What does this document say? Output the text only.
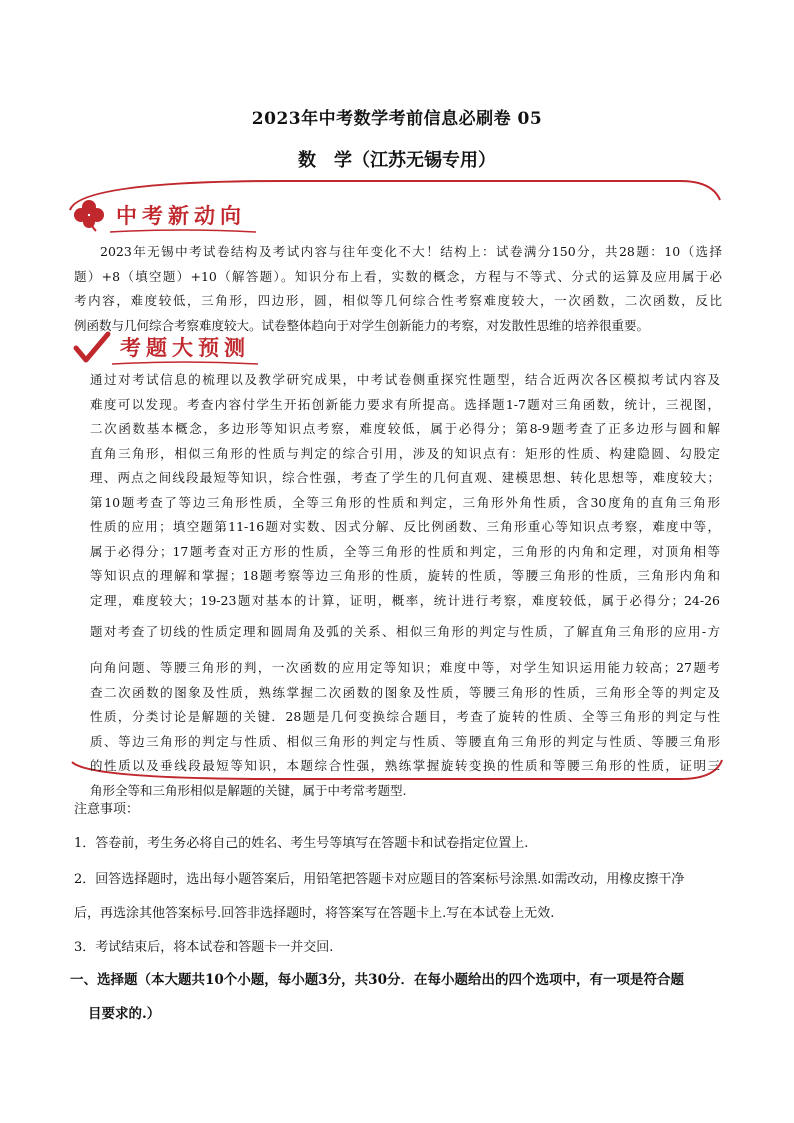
2023年中考数学考前信息必刷卷 05
数　学（江苏无锡专用）
中考新动向
2023年无锡中考试卷结构及考试内容与往年变化不大！结构上：试卷满分150分，共28题：10（选择
题）+8（填空题）+10（解答题）。知识分布上看，实数的概念，方程与不等式、分式的运算及应用属于必
考内容，难度较低，三角形，四边形，圆，相似等几何综合性考察难度较大，一次函数，二次函数，反比
例函数与几何综合考察难度较大。试卷整体趋向于对学生创新能力的考察，对发散性思维的培养很重要。
考题大预测
通过对考试信息的梳理以及教学研究成果，中考试卷侧重探究性题型，结合近两次各区模拟考试内容及
难度可以发现。考查内容付学生开拓创新能力要求有所提高。选择题1-7题对三角函数，统计，三视图，
二次函数基本概念，多边形等知识点考察，难度较低，属于必得分；第8-9题考查了正多边形与圆和解
直角三角形，相似三角形的性质与判定的综合引用，涉及的知识点有：矩形的性质、构建隐圆、勾股定
理、两点之间线段最短等知识，综合性强，考查了学生的几何直观、建模思想、转化思想等，难度较大；
第10题考查了等边三角形性质，全等三角形的性质和判定，三角形外角性质，含30度角的直角三角形
性质的应用；填空题第11-16题对实数、因式分解、反比例函数、三角形重心等知识点考察，难度中等，
属于必得分；17题考查对正方形的性质，全等三角形的性质和判定，三角形的内角和定理，对顶角相等
等知识点的理解和掌握；18题考察等边三角形的性质，旋转的性质，等腰三角形的性质，三角形内角和
定理，难度较大；19-23题对基本的计算，证明，概率，统计进行考察，难度较低，属于必得分；24-26
题对考查了切线的性质定理和圆周角及弧的关系、相似三角形的判定与性质，了解直角三角形的应用-方
向角问题、等腰三角形的判，一次函数的应用定等知识；难度中等，对学生知识运用能力较高；27题考
查二次函数的图象及性质，熟练掌握二次函数的图象及性质，等腰三角形的性质，三角形全等的判定及
性质，分类讨论是解题的关键．28题是几何变换综合题目，考查了旋转的性质、全等三角形的判定与性
质、等边三角形的判定与性质、相似三角形的判定与性质、等腰直角三角形的判定与性质、等腰三角形
的性质以及垂线段最短等知识，本题综合性强，熟练掌握旋转变换的性质和等腰三角形的性质，证明三
角形全等和三角形相似是解题的关键，属于中考常考题型.
注意事项：
1．答卷前，考生务必将自己的姓名、考生号等填写在答题卡和试卷指定位置上.
2．回答选择题时，选出每小题答案后，用铅笔把答题卡对应题目的答案标号涂黑.如需改动，用橡皮擦干净
后，再选涂其他答案标号.回答非选择题时，将答案写在答题卡上.写在本试卷上无效.
3．考试结束后，将本试卷和答题卡一并交回.
一、选择题（本大题共10个小题，每小题3分，共30分．在每小题给出的四个选项中，有一项是符合题
目要求的.）
